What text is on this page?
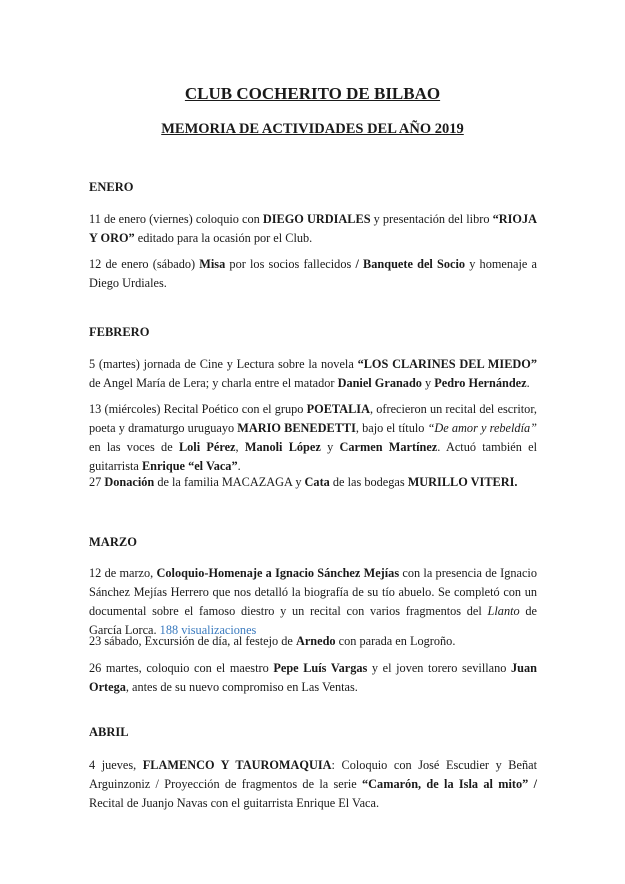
CLUB COCHERITO DE BILBAO
MEMORIA DE ACTIVIDADES DEL AÑO 2019
ENERO
11 de enero (viernes) coloquio con DIEGO URDIALES y presentación del libro “RIOJA Y ORO” editado para la ocasión por el Club.
12 de enero (sábado) Misa por los socios fallecidos / Banquete del Socio y homenaje a Diego Urdiales.
FEBRERO
5 (martes) jornada de Cine y Lectura sobre la novela “LOS CLARINES DEL MIEDO” de Angel María de Lera; y charla entre el matador Daniel Granado y Pedro Hernández.
13 (miércoles) Recital Poético con el grupo POETALIA, ofrecieron un recital del escritor, poeta y dramaturgo uruguayo MARIO BENEDETTI, bajo el título “De amor y rebeldía” en las voces de Loli Pérez, Manoli López y Carmen Martínez. Actuó también el guitarrista Enrique “el Vaca”.
27 Donación de la familia MACAZAGA y Cata de las bodegas MURILLO VITERI.
MARZO
12 de marzo, Coloquio-Homenaje a Ignacio Sánchez Mejías con la presencia de Ignacio Sánchez Mejías Herrero que nos detalló la biografía de su tío abuelo. Se completó con un documental sobre el famoso diestro y un recital con varios fragmentos del Llanto de García Lorca. 188 visualizaciones
23 sábado, Excursión de día, al festejo de Arnedo con parada en Logroño.
26 martes, coloquio con el maestro Pepe Luís Vargas y el joven torero sevillano Juan Ortega, antes de su nuevo compromiso en Las Ventas.
ABRIL
4 jueves, FLAMENCO Y TAUROMAQUIA: Coloquio con José Escudier y Beñat Arguinzoniz / Proyección de fragmentos de la serie “Camarón, de la Isla al mito” / Recital de Juanjo Navas con el guitarrista Enrique El Vaca.
